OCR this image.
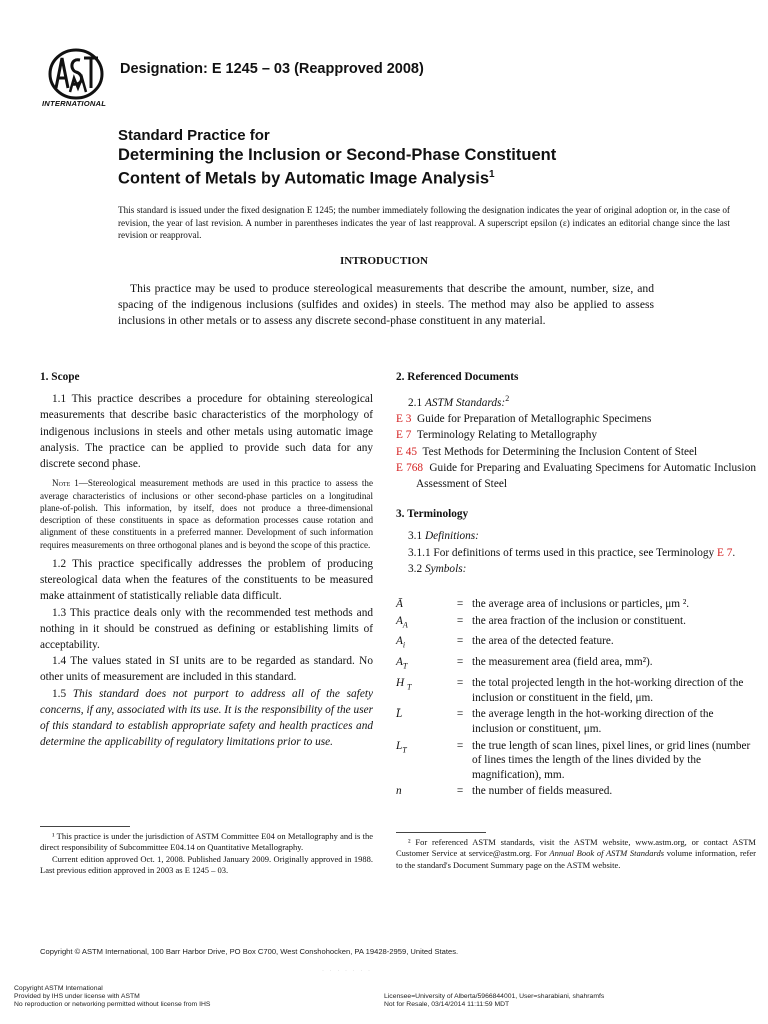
INTERNATIONAL
Designation: E 1245 – 03 (Reapproved 2008)
Standard Practice for
Determining the Inclusion or Second-Phase Constituent
Content of Metals by Automatic Image Analysis$^1$
This standard is issued under the fixed designation E 1245; the number immediately following the designation indicates the year of original adoption or, in the case of revision, the year of last revision. A number in parentheses indicates the year of last reapproval. A superscript epsilon (ε) indicates an editorial change since the last revision or reapproval.
INTRODUCTION
This practice may be used to produce stereological measurements that describe the amount, number, size, and spacing of the indigenous inclusions (sulfides and oxides) in steels. The method may also be applied to assess inclusions in other metals or to assess any discrete second-phase constituent in any material.
1. Scope

1.1 This practice describes a procedure for obtaining stereological measurements that describe basic characteristics of the morphology of indigenous inclusions in steels and other metals using automatic image analysis. The practice can be applied to provide such data for any discrete second phase.

Note 1—Stereological measurement methods are used in this practice to assess the average characteristics of inclusions or other second-phase particles on a longitudinal plane-of-polish. This information, by itself, does not produce a three-dimensional description of these constituents in space as deformation processes cause rotation and alignment of these constituents in a preferred manner. Development of such information requires measurements on three orthogonal planes and is beyond the scope of this practice.

1.2 This practice specifically addresses the problem of producing stereological data when the features of the constituents to be measured make attainment of statistically reliable data difficult.

1.3 This practice deals only with the recommended test methods and nothing in it should be construed as defining or establishing limits of acceptability.

1.4 The values stated in SI units are to be regarded as standard. No other units of measurement are included in this standard.

1.5 This standard does not purport to address all of the safety concerns, if any, associated with its use. It is the responsibility of the user of this standard to establish appropriate safety and health practices and determine the applicability of regulatory limitations prior to use.

2. Referenced Documents

2.1 ASTM Standards:$^2$

E 3 Guide for Preparation of Metallographic Specimens

E 7 Terminology Relating to Metallography

E 45 Test Methods for Determining the Inclusion Content of Steel

E 768 Guide for Preparing and Evaluating Specimens for Automatic Inclusion Assessment of Steel

3. Terminology

3.1 Definitions:

3.1.1 For definitions of terms used in this practice, see Terminology E 7.

3.2 Symbols:

Ā	=	the average area of inclusions or particles, μm ².
$A_A$	=	the area fraction of the inclusion or constituent.
$A_i$	=	the area of the detected feature.
$A_T$	=	the measurement area (field area, mm²).
H $_T$	=	the total projected length in the hot-working direction of the inclusion or constituent in the field, μm.
L̄	=	the average length in the hot-working direction of the inclusion or constituent, μm.
$L_T$	=	the true length of scan lines, pixel lines, or grid lines (number of lines times the length of the lines divided by the magnification), mm.
n	=	the number of fields measured.

¹ This practice is under the jurisdiction of ASTM Committee E04 on Metallography and is the direct responsibility of Subcommittee E04.14 on Quantitative Metallography.

Current edition approved Oct. 1, 2008. Published January 2009. Originally approved in 1988. Last previous edition approved in 2003 as E 1245 – 03.

² For referenced ASTM standards, visit the ASTM website, www.astm.org, or contact ASTM Customer Service at service@astm.org. For Annual Book of ASTM Standards volume information, refer to the standard's Document Summary page on the ASTM website.

Copyright © ASTM International, 100 Barr Harbor Drive, PO Box C700, West Conshohocken, PA 19428-2959, United States.
· · · · · · ·
Copyright ASTM International
Provided by IHS under license with ASTM
No reproduction or networking permitted without license from IHS
Licensee=University of Alberta/5966844001, User=sharabiani, shahramfs
Not for Resale, 03/14/2014 11:11:59 MDT
